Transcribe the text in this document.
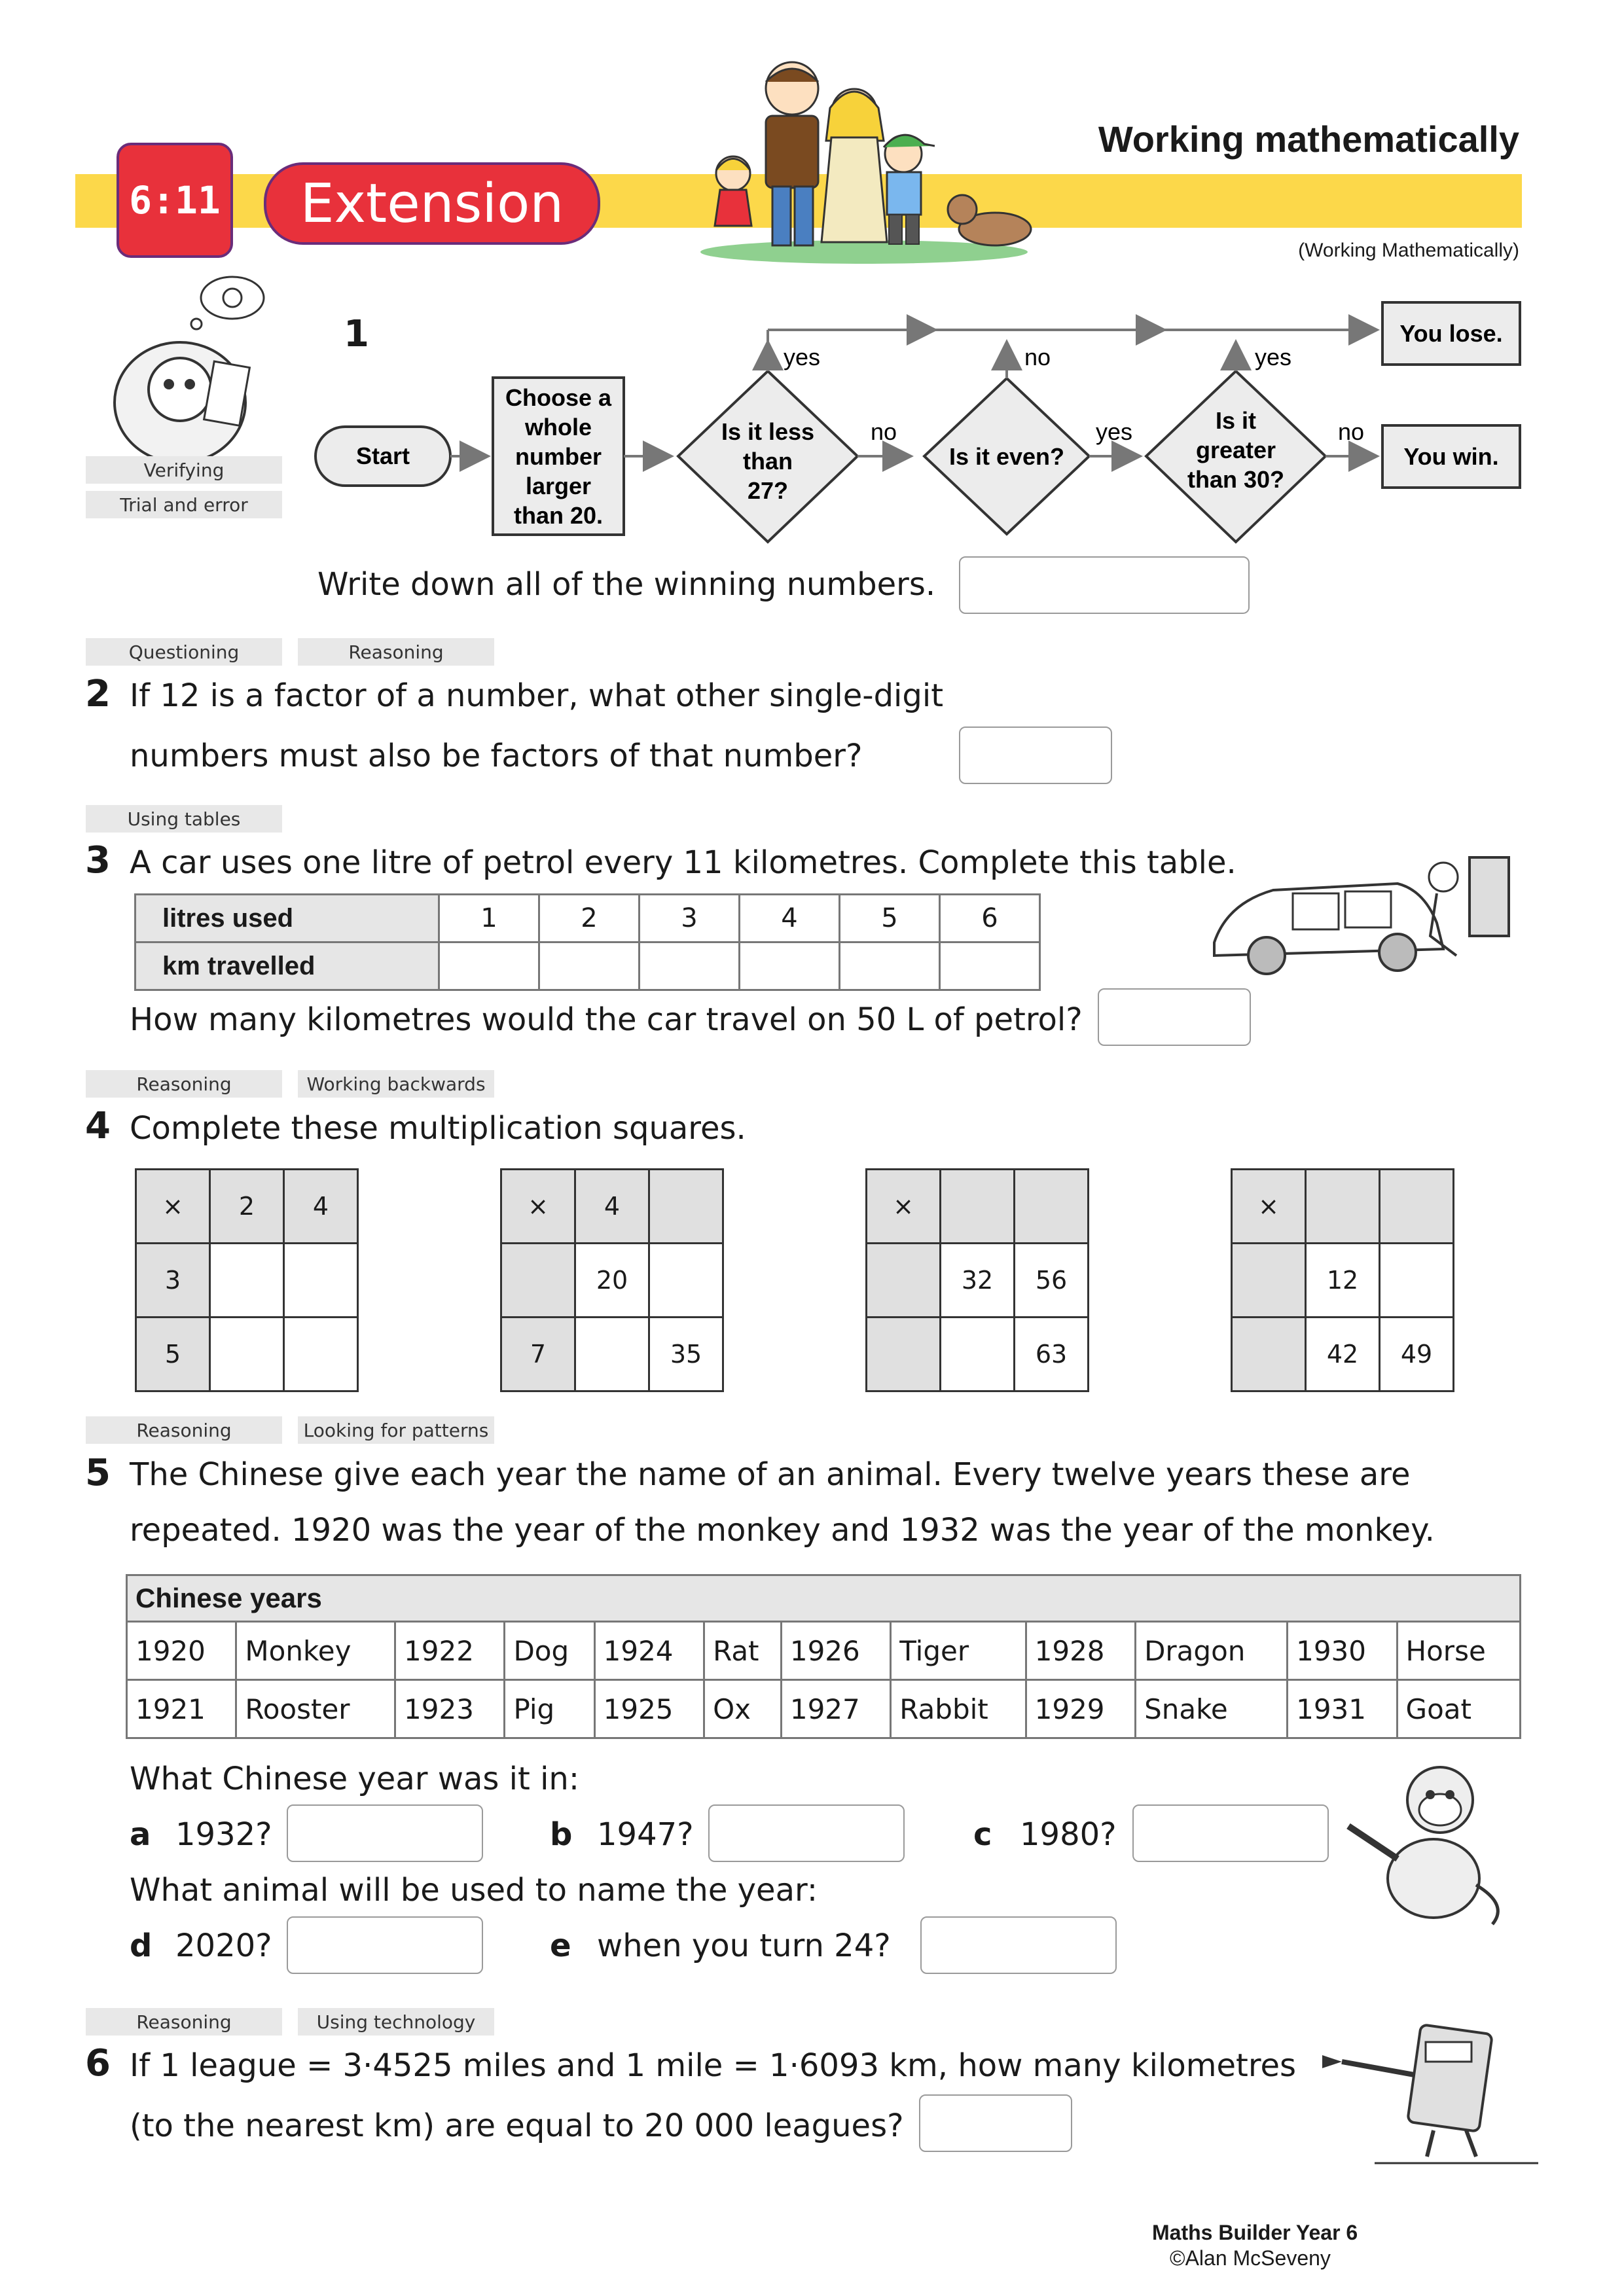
6:11	Extension
Working mathematically
(Working Mathematically)
Verifying
Trial and error
1
Start
Choose a
whole
number
larger
than 20.
Is it less
than
27?
no
Is it even?
yes	Is it
greater
than 30?
no
You win.
yes	no	yes
You lose.
Write down all of the winning numbers.
Questioning	Reasoning
2 If 12 is a factor of a number, what other single-digit
numbers must also be factors of that number?
Using tables
3 A car uses one litre of petrol every 11 kilometres. Complete this table.
litres used	1	2	3	4	5	6
km travelled						
How many kilometres would the car travel on 50 L of petrol?
Reasoning	Working backwards
4 Complete these multiplication squares.
×	2	4
3		
5		
×	4	
	20	
7		35
×		
	32	56
		63
×		
	12	
	42	49
Reasoning	Looking for patterns
5 The Chinese give each year the name of an animal. Every twelve years these are
repeated. 1920 was the year of the monkey and 1932 was the year of the monkey.
Chinese years											
1920	Monkey	1922	Dog	1924	Rat	1926	Tiger	1928	Dragon	1930	Horse
1921	Rooster	1923	Pig	1925	Ox	1927	Rabbit	1929	Snake	1931	Goat
What Chinese year was it in:
a 1932?	b 1947?	c 1980?
What animal will be used to name the year:
d 2020?	e when you turn 24?
Reasoning	Using technology
6 If 1 league = 3·4525 miles and 1 mile = 1·6093 km, how many kilometres
(to the nearest km) are equal to 20 000 leagues?
Maths Builder Year 6
©Alan McSeveny
